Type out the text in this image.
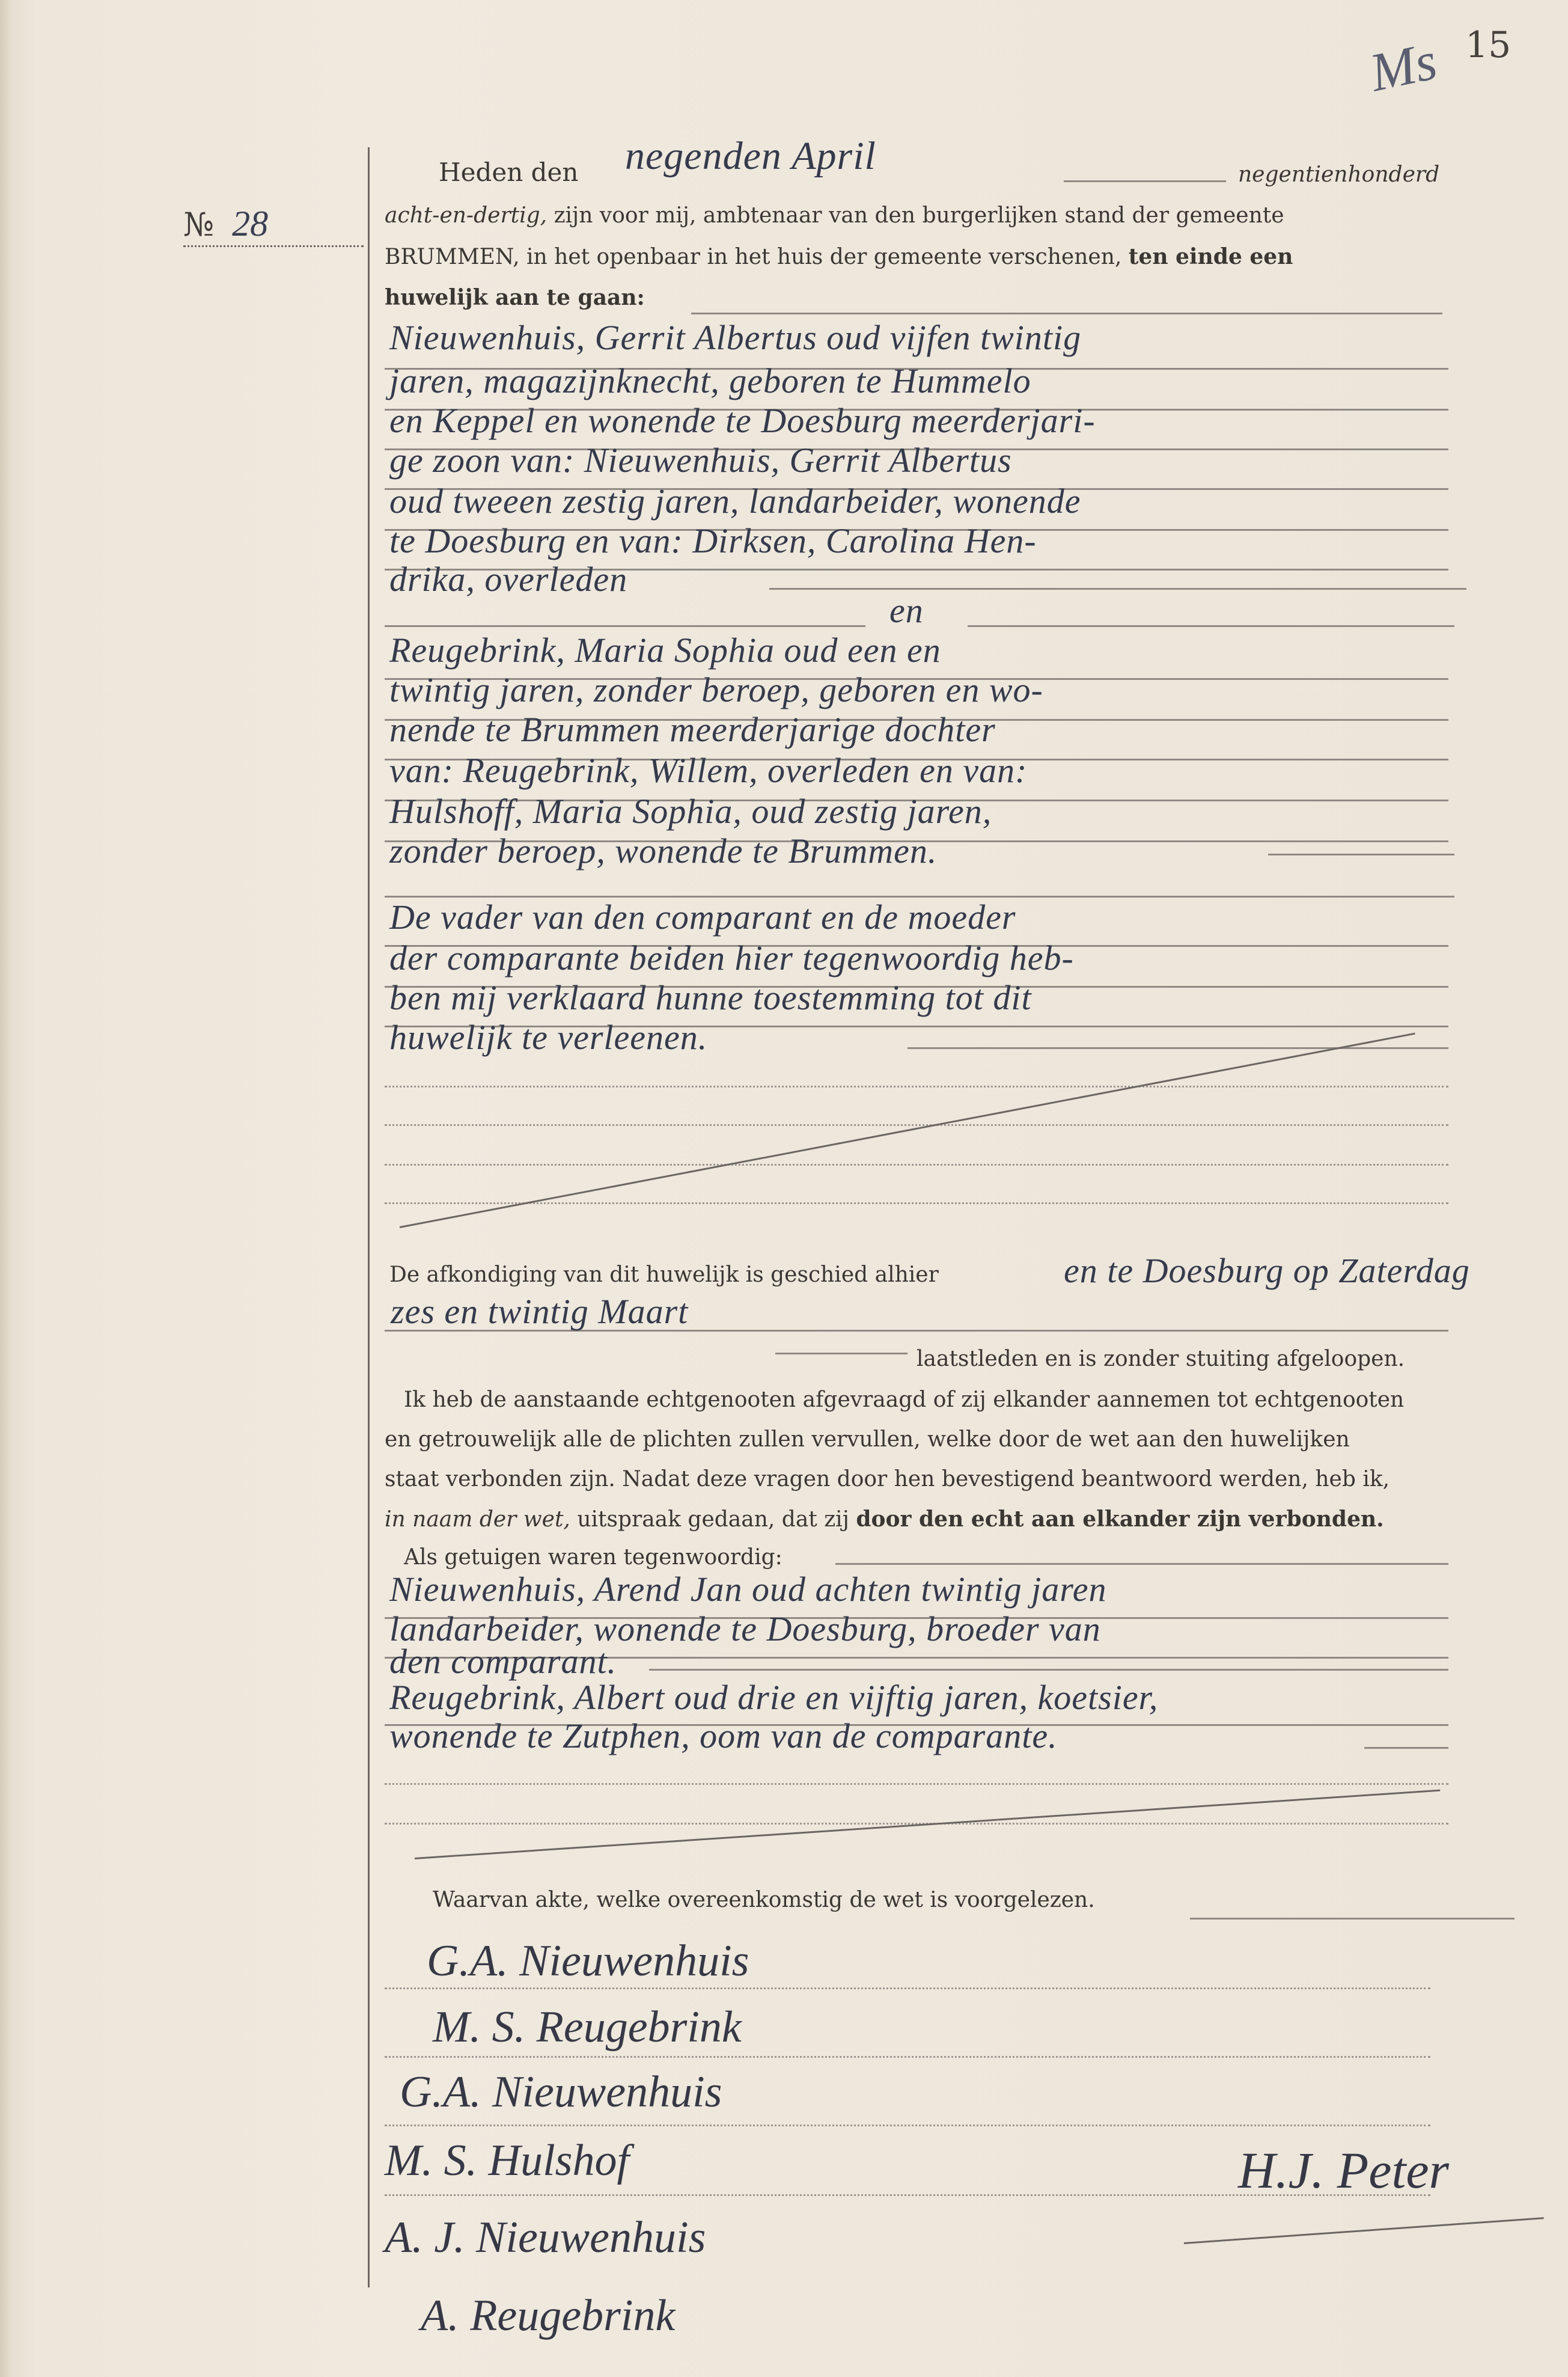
Ms 15
№ 28
Heden den negenden April	negentienhonderd
acht-en-dertig, zijn voor mij, ambtenaar van den burgerlijken stand der gemeente
BRUMMEN, in het openbaar in het huis der gemeente verschenen, ten einde een
huwelijk aan te gaan:
Nieuwenhuis, Gerrit Albertus oud vijfen twintig
jaren, magazijnknecht, geboren te Hummelo
en Keppel en wonende te Doesburg meerderjari-
ge zoon van: Nieuwenhuis, Gerrit Albertus
oud tweeen zestig jaren, landarbeider, wonende
te Doesburg en van: Dirksen, Carolina Hen-
drika, overleden
en
Reugebrink, Maria Sophia oud een en
twintig jaren, zonder beroep, geboren en wo-
nende te Brummen meerderjarige dochter
van: Reugebrink, Willem, overleden en van:
Hulshoff, Maria Sophia, oud zestig jaren,
zonder beroep, wonende te Brummen.
De vader van den comparant en de moeder
der comparante beiden hier tegenwoordig heb-
ben mij verklaard hunne toestemming tot dit
huwelijk te verleenen.
De afkondiging van dit huwelijk is geschied alhier	en te Doesburg op Zaterdag
zes en twintig Maart
laatstleden en is zonder stuiting afgeloopen.
Ik heb de aanstaande echtgenooten afgevraagd of zij elkander aannemen tot echtgenooten
en getrouwelijk alle de plichten zullen vervullen, welke door de wet aan den huwelijken
staat verbonden zijn. Nadat deze vragen door hen bevestigend beantwoord werden, heb ik,
in naam der wet, uitspraak gedaan, dat zij door den echt aan elkander zijn verbonden.
Als getuigen waren tegenwoordig:
Nieuwenhuis, Arend Jan oud achten twintig jaren
landarbeider, wonende te Doesburg, broeder van
den comparant.
Reugebrink, Albert oud drie en vijftig jaren, koetsier,
wonende te Zutphen, oom van de comparante.
Waarvan akte, welke overeenkomstig de wet is voorgelezen.
G.A. Nieuwenhuis
M. S. Reugebrink
G.A. Nieuwenhuis
M. S. Hulshof
A. J. Nieuwenhuis
A. Reugebrink
H.J. Peter
